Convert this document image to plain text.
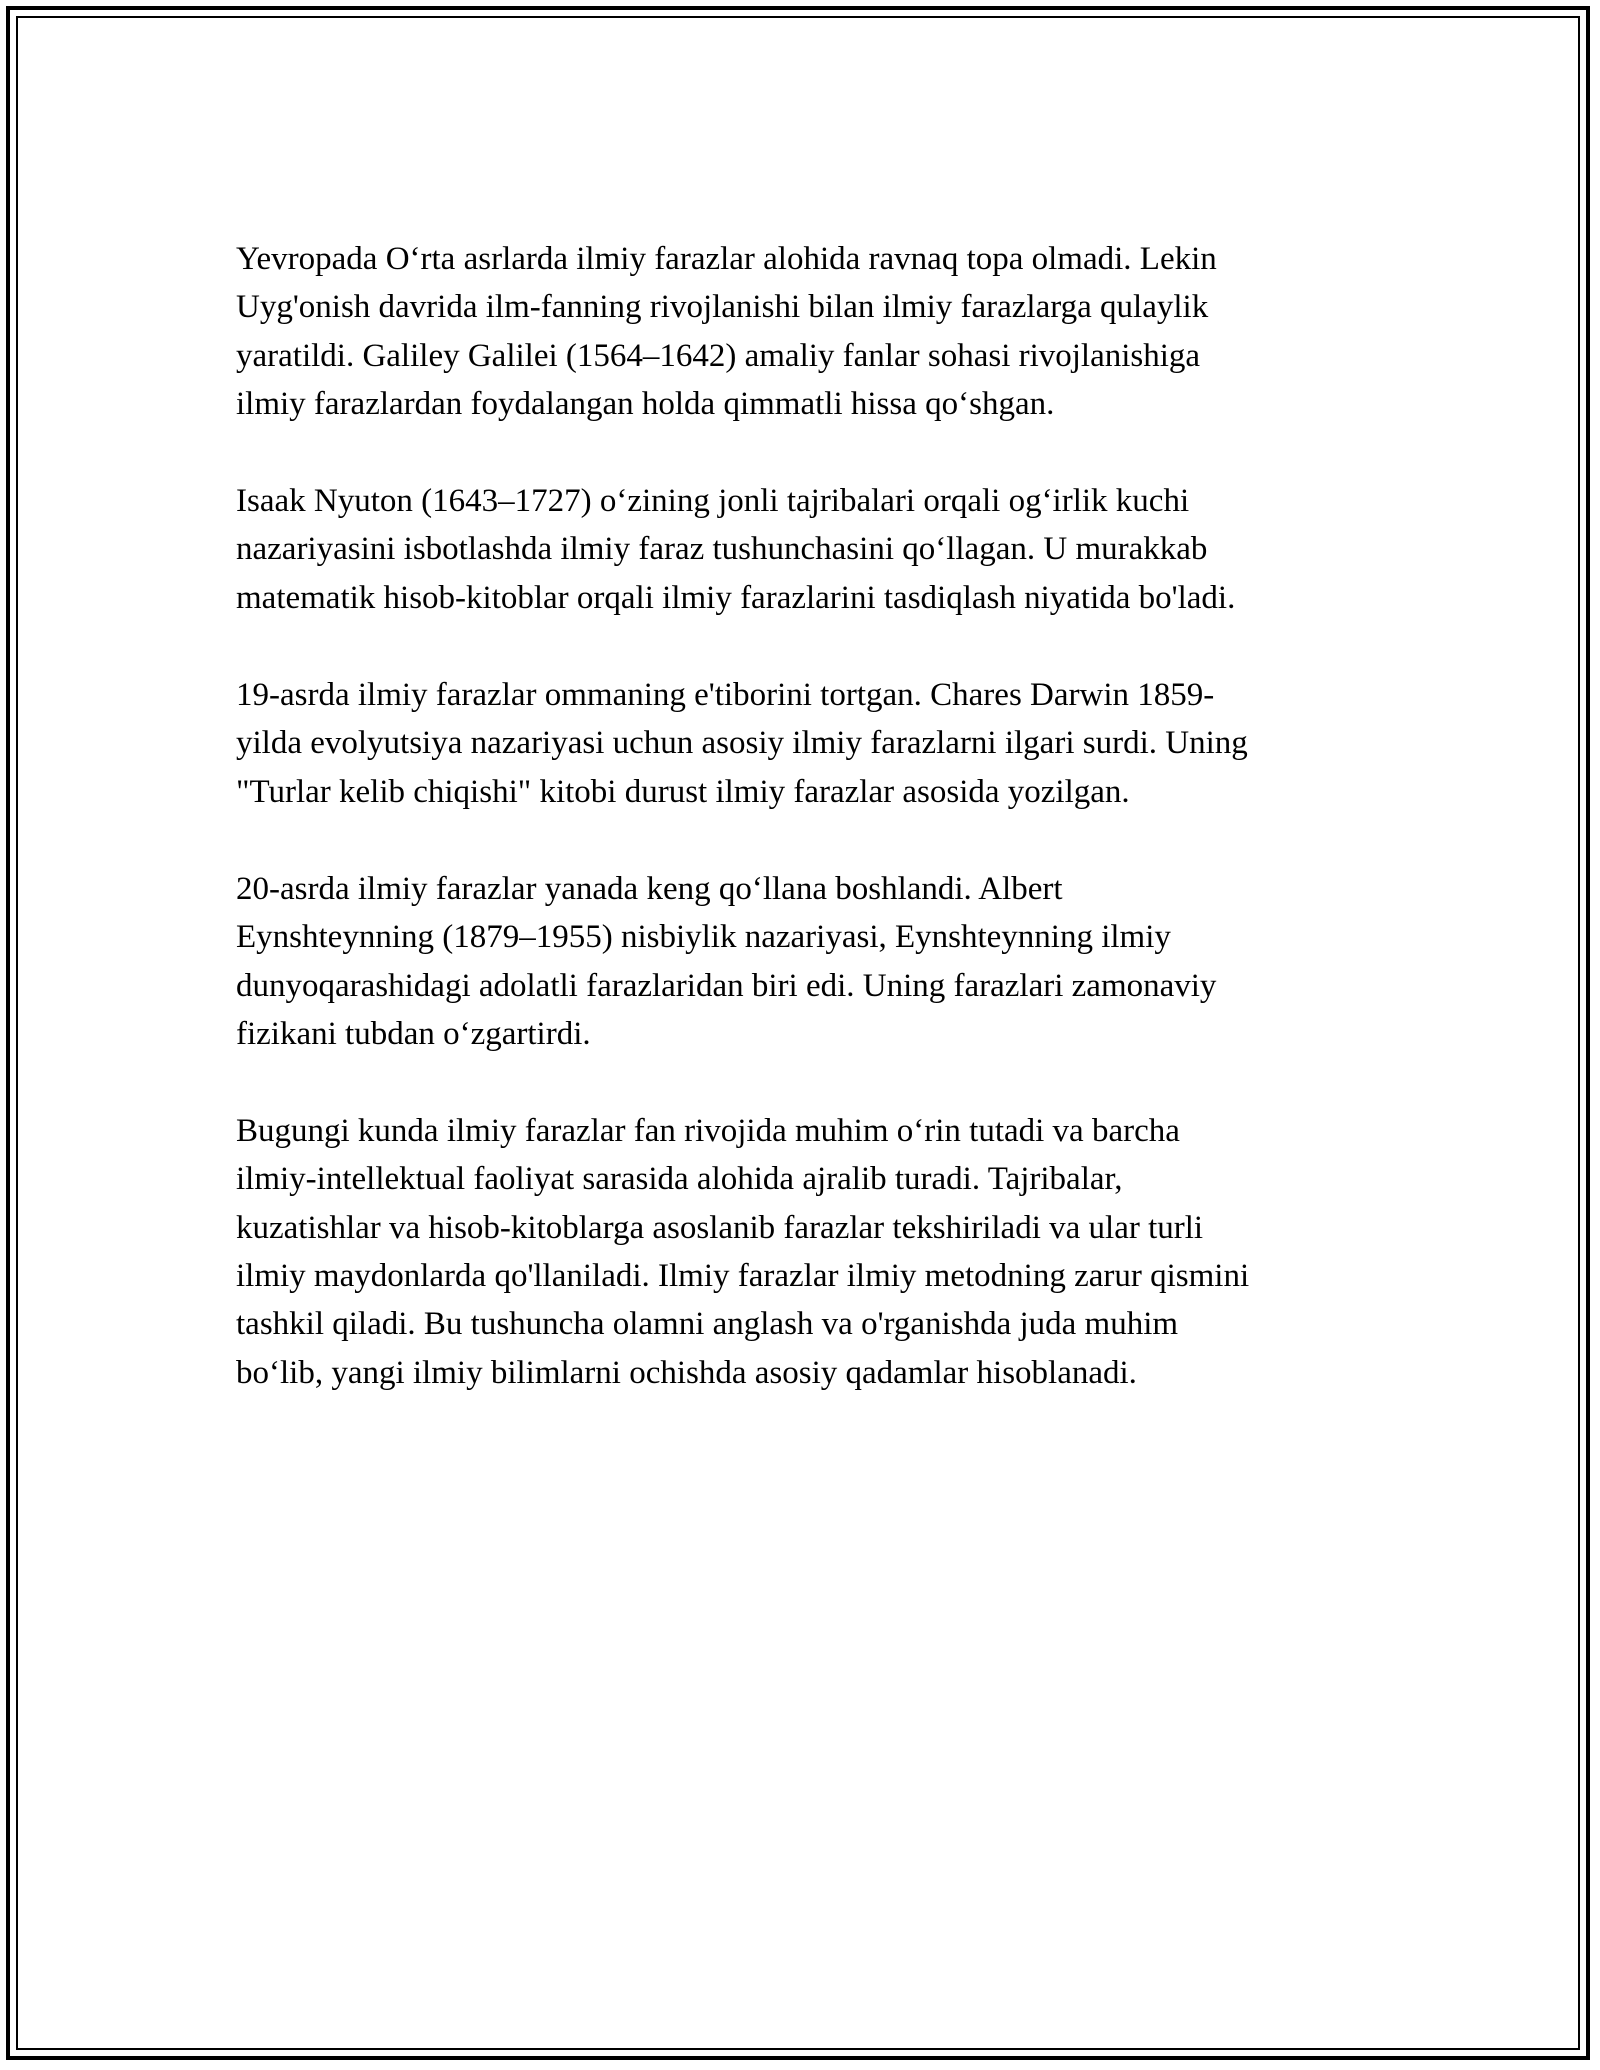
Yevropada O‘rta asrlarda ilmiy farazlar alohida ravnaq topa olmadi. Lekin
Uyg'onish davrida ilm-fanning rivojlanishi bilan ilmiy farazlarga qulaylik
yaratildi. Galiley Galilei (1564–1642) amaliy fanlar sohasi rivojlanishiga
ilmiy farazlardan foydalangan holda qimmatli hissa qo‘shgan.

Isaak Nyuton (1643–1727) o‘zining jonli tajribalari orqali og‘irlik kuchi
nazariyasini isbotlashda ilmiy faraz tushunchasini qo‘llagan. U murakkab
matematik hisob-kitoblar orqali ilmiy farazlarini tasdiqlash niyatida bo'ladi.

19-asrda ilmiy farazlar ommaning e'tiborini tortgan. Chares Darwin 1859-
yilda evolyutsiya nazariyasi uchun asosiy ilmiy farazlarni ilgari surdi. Uning
"Turlar kelib chiqishi" kitobi durust ilmiy farazlar asosida yozilgan.

20-asrda ilmiy farazlar yanada keng qo‘llana boshlandi. Albert
Eynshteynning (1879–1955) nisbiylik nazariyasi, Eynshteynning ilmiy
dunyoqarashidagi adolatli farazlaridan biri edi. Uning farazlari zamonaviy
fizikani tubdan o‘zgartirdi.

Bugungi kunda ilmiy farazlar fan rivojida muhim o‘rin tutadi va barcha
ilmiy-intellektual faoliyat sarasida alohida ajralib turadi. Tajribalar,
kuzatishlar va hisob-kitoblarga asoslanib farazlar tekshiriladi va ular turli
ilmiy maydonlarda qo'llaniladi. Ilmiy farazlar ilmiy metodning zarur qismini
tashkil qiladi. Bu tushuncha olamni anglash va o'rganishda juda muhim
bo‘lib, yangi ilmiy bilimlarni ochishda asosiy qadamlar hisoblanadi.
